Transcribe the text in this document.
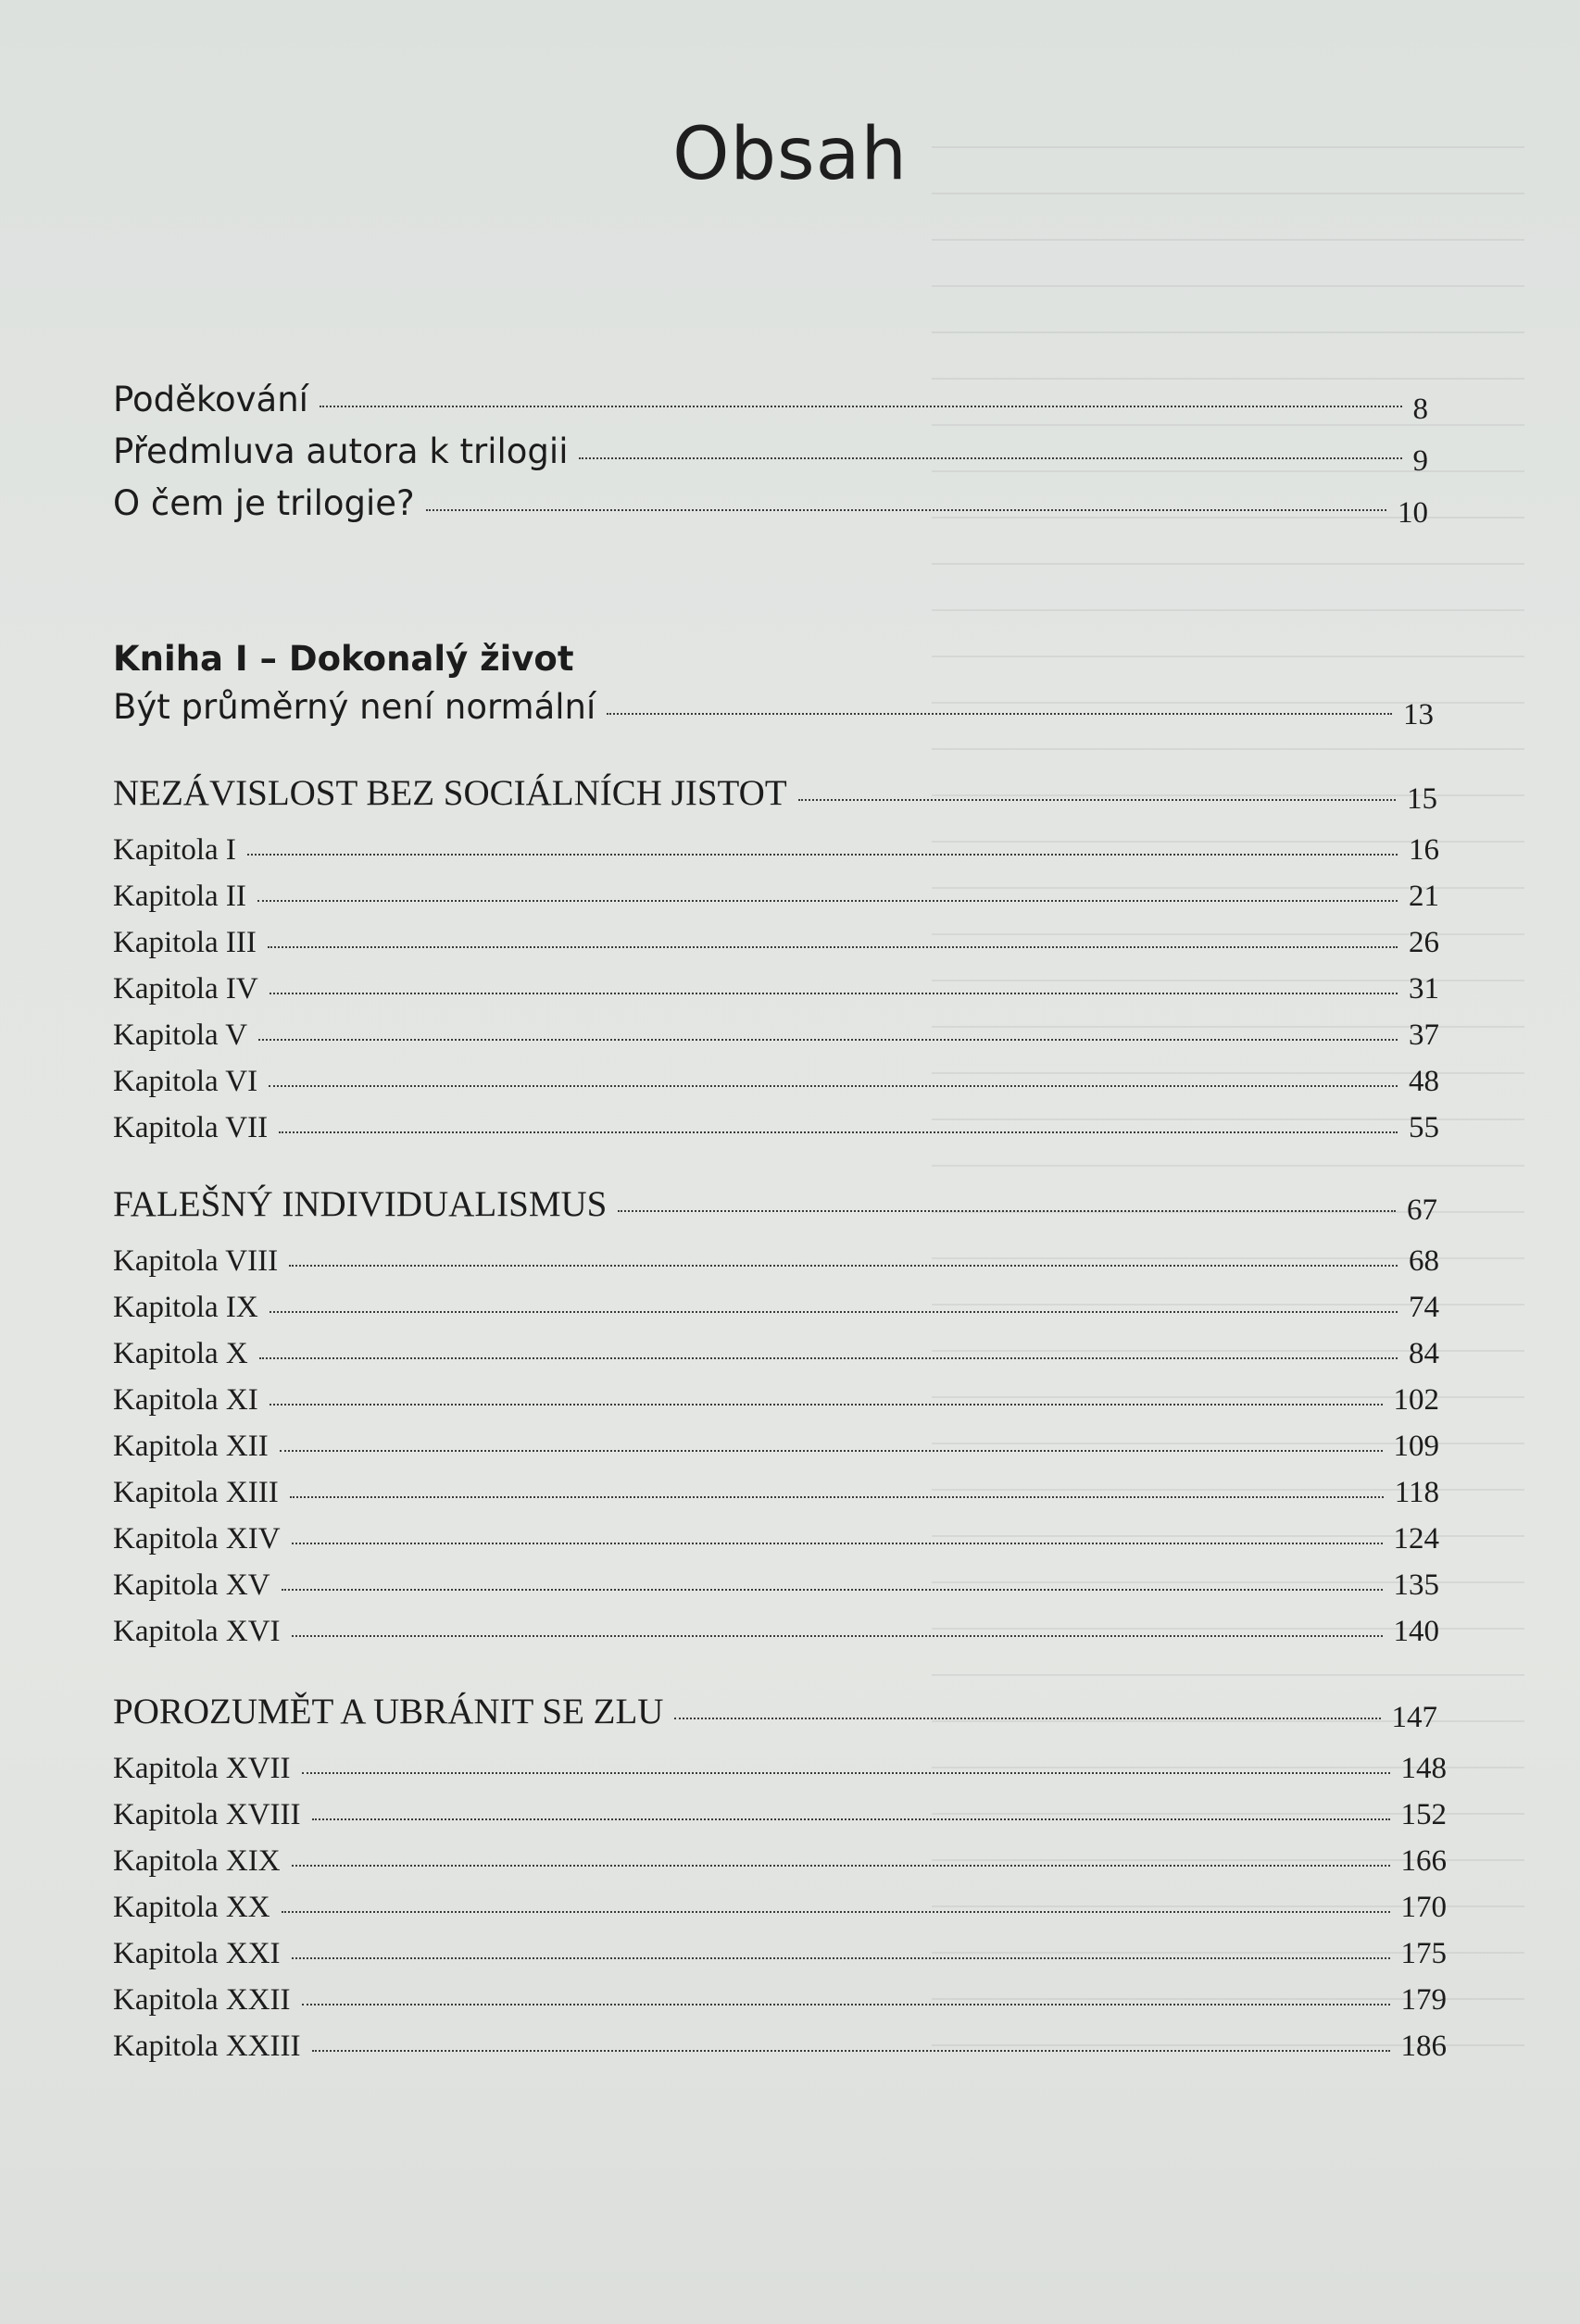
Obsah
Poděkování	8
Předmluva autora k trilogii	9
O čem je trilogie?	10
Kniha I – Dokonalý život
Být průměrný není normální	13
NEZÁVISLOST BEZ SOCIÁLNÍCH JISTOT	15
Kapitola I	16
Kapitola II	21
Kapitola III	26
Kapitola IV	31
Kapitola V	37
Kapitola VI	48
Kapitola VII	55
FALEŠNÝ INDIVIDUALISMUS	67
Kapitola VIII	68
Kapitola IX	74
Kapitola X	84
Kapitola XI	102
Kapitola XII	109
Kapitola XIII	118
Kapitola XIV	124
Kapitola XV	135
Kapitola XVI	140
POROZUMĚT A UBRÁNIT SE ZLU	147
Kapitola XVII	148
Kapitola XVIII	152
Kapitola XIX	166
Kapitola XX	170
Kapitola XXI	175
Kapitola XXII	179
Kapitola XXIII	186
